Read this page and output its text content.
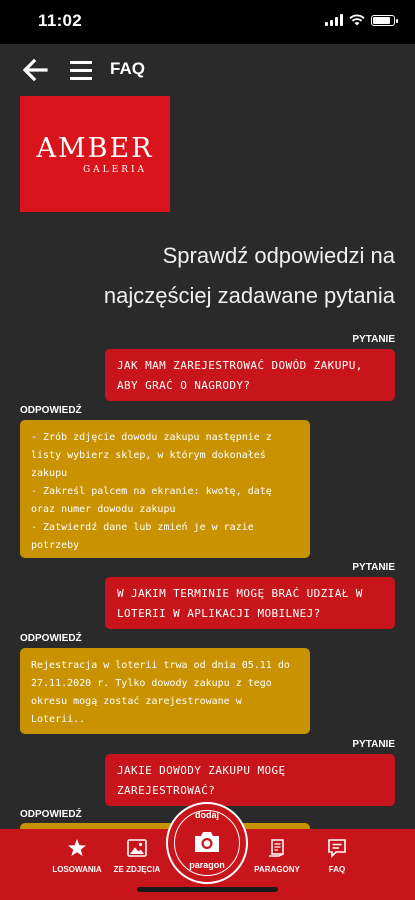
11:02
FAQ
AMBER
GALERIA
Sprawdź odpowiedzi na
najczęściej zadawane pytania
PYTANIE
JAK MAM ZAREJESTROWAĆ DOWÓD ZAKUPU, ABY GRAĆ O NAGRODY?
ODPOWIEDŹ
- Zrób zdjęcie dowodu zakupu następnie z listy wybierz sklep, w którym dokonałeś zakupu
- Zakreśl palcem na ekranie: kwotę, datę oraz numer dowodu zakupu
- Zatwierdź dane lub zmień je w razie potrzeby
PYTANIE
W JAKIM TERMINIE MOGĘ BRAĆ UDZIAŁ W LOTERII W APLIKACJI MOBILNEJ?
ODPOWIEDŹ
Rejestracja w loterii trwa od dnia 05.11 do 27.11.2020 r. Tylko dowody zakupu z tego okresu mogą zostać zarejestrowane w Loterii..
PYTANIE
JAKIE DOWODY ZAKUPU MOGĘ ZAREJESTROWAĆ?
ODPOWIEDŹ
LOSOWANIA ZE ZDJĘCIA	PARAGONY	FAQ
dodaj
paragon
